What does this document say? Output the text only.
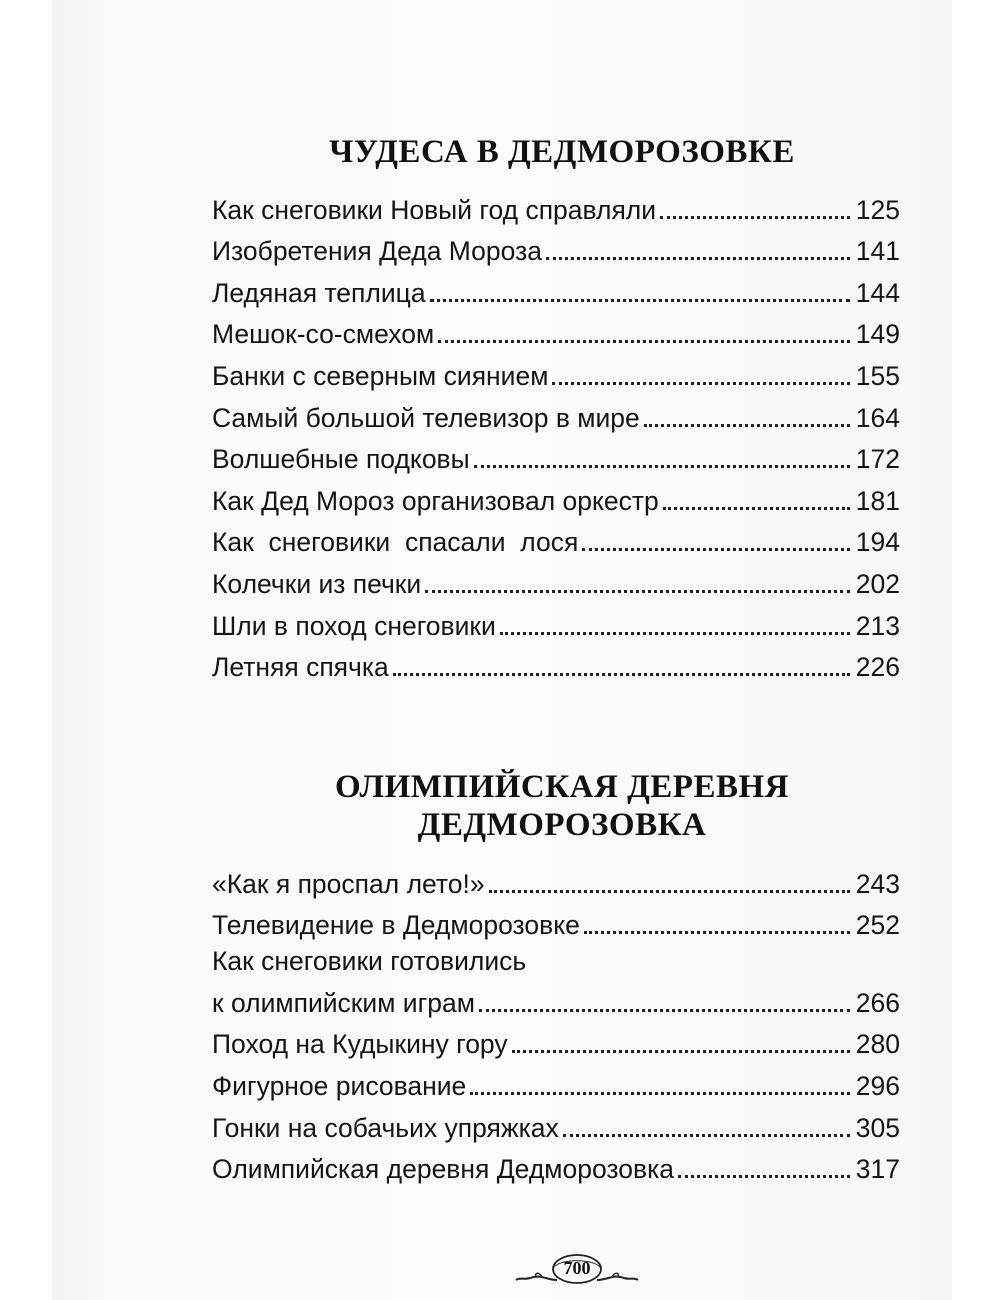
ЧУДЕСА В ДЕДМОРОЗОВКЕ
Как снеговики Новый год справляли	125
Изобретения Деда Мороза	141
Ледяная теплица	144
Мешок-со-смехом	149
Банки с северным сиянием	155
Самый большой телевизор в мире	164
Волшебные подковы	172
Как Дед Мороз организовал оркестр	181
Как  снеговики  спасали  лося	194
Колечки из печки	202
Шли в поход снеговики	213
Летняя спячка	226
ОЛИМПИЙСКАЯ ДЕРЕВНЯ
ДЕДМОРОЗОВКА
«Как я проспал лето!»	243
Телевидение в Дедморозовке	252
Как снеговики готовились
к олимпийским играм	266
Поход на Кудыкину гору	280
Фигурное рисование	296
Гонки на собачьих упряжках	305
Олимпийская деревня Дедморозовка	317
700
